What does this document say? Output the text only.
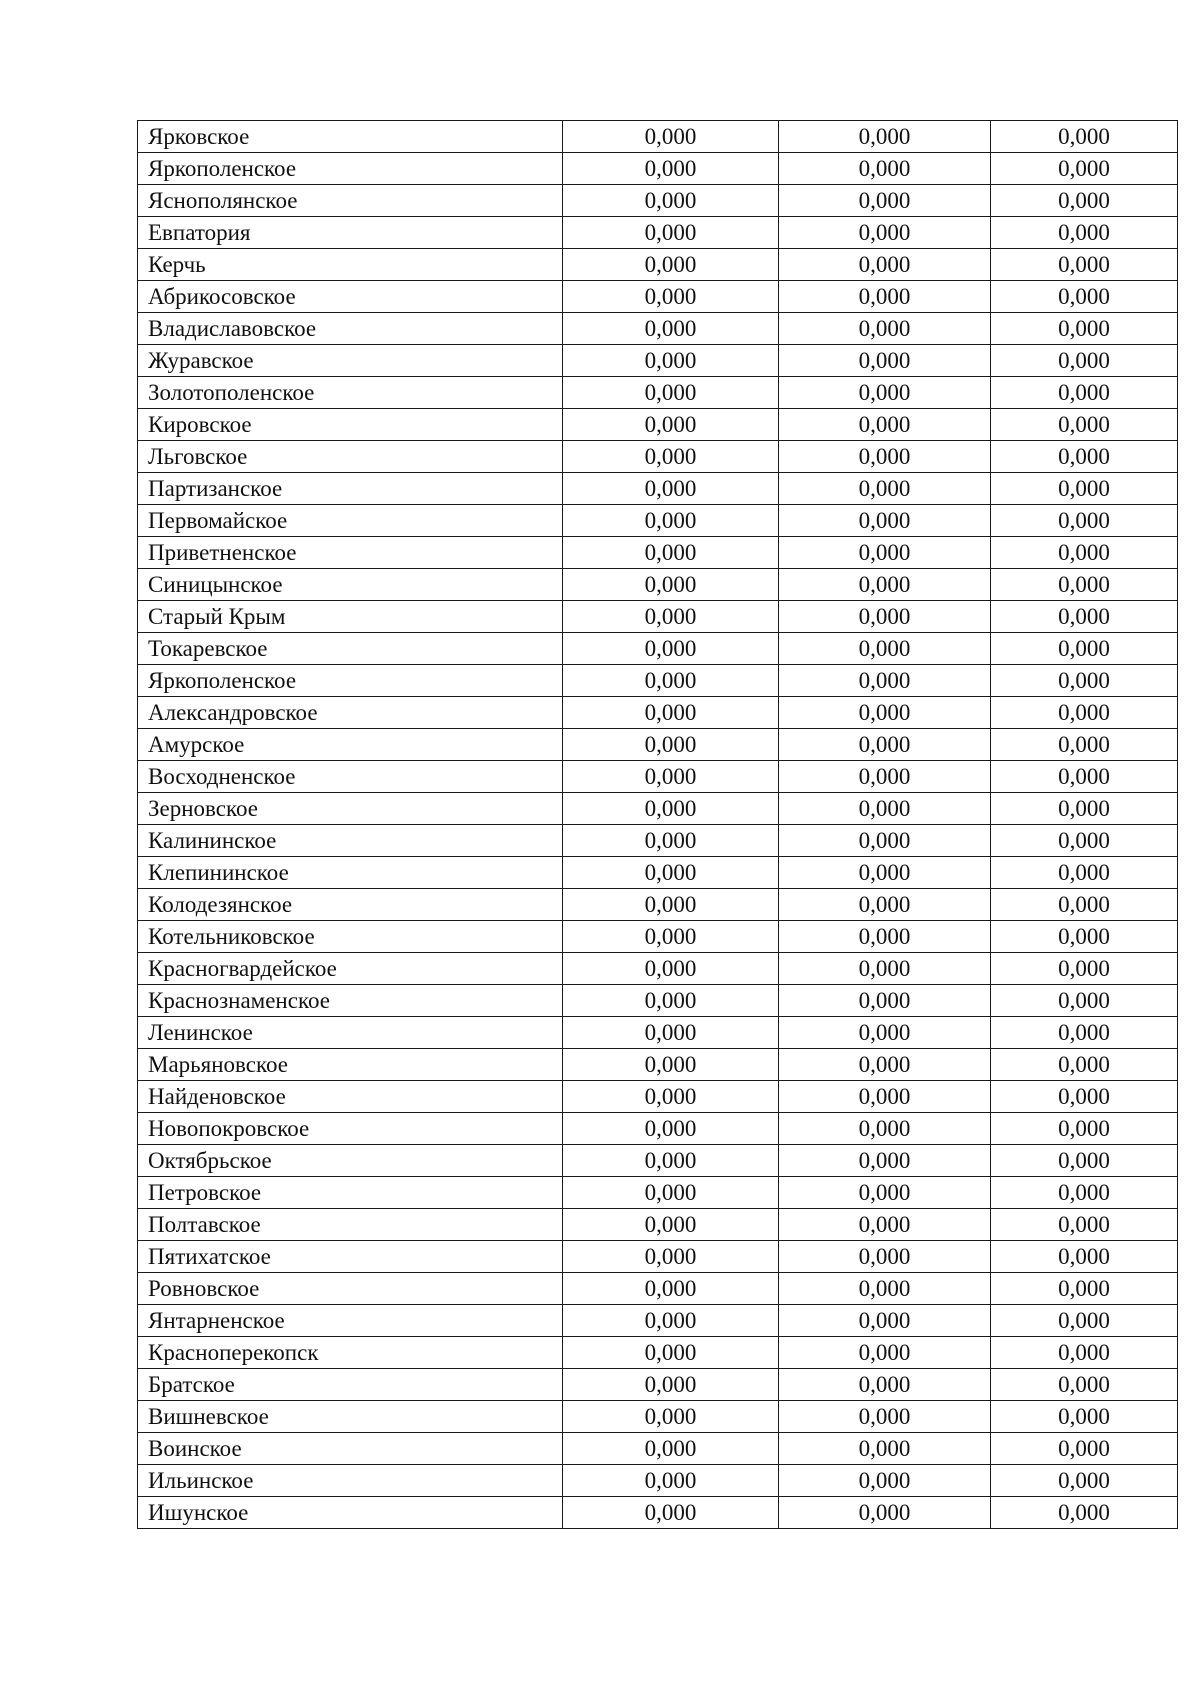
Ярковское	0,000	0,000	0,000
Яркополенское	0,000	0,000	0,000
Яснополянское	0,000	0,000	0,000
Евпатория	0,000	0,000	0,000
Керчь	0,000	0,000	0,000
Абрикосовское	0,000	0,000	0,000
Владиславовское	0,000	0,000	0,000
Журавское	0,000	0,000	0,000
Золотополенское	0,000	0,000	0,000
Кировское	0,000	0,000	0,000
Льговское	0,000	0,000	0,000
Партизанское	0,000	0,000	0,000
Первомайское	0,000	0,000	0,000
Приветненское	0,000	0,000	0,000
Синицынское	0,000	0,000	0,000
Старый Крым	0,000	0,000	0,000
Токаревское	0,000	0,000	0,000
Яркополенское	0,000	0,000	0,000
Александровское	0,000	0,000	0,000
Амурское	0,000	0,000	0,000
Восходненское	0,000	0,000	0,000
Зерновское	0,000	0,000	0,000
Калининское	0,000	0,000	0,000
Клепининское	0,000	0,000	0,000
Колодезянское	0,000	0,000	0,000
Котельниковское	0,000	0,000	0,000
Красногвардейское	0,000	0,000	0,000
Краснознаменское	0,000	0,000	0,000
Ленинское	0,000	0,000	0,000
Марьяновское	0,000	0,000	0,000
Найденовское	0,000	0,000	0,000
Новопокровское	0,000	0,000	0,000
Октябрьское	0,000	0,000	0,000
Петровское	0,000	0,000	0,000
Полтавское	0,000	0,000	0,000
Пятихатское	0,000	0,000	0,000
Ровновское	0,000	0,000	0,000
Янтарненское	0,000	0,000	0,000
Красноперекопск	0,000	0,000	0,000
Братское	0,000	0,000	0,000
Вишневское	0,000	0,000	0,000
Воинское	0,000	0,000	0,000
Ильинское	0,000	0,000	0,000
Ишунское	0,000	0,000	0,000
